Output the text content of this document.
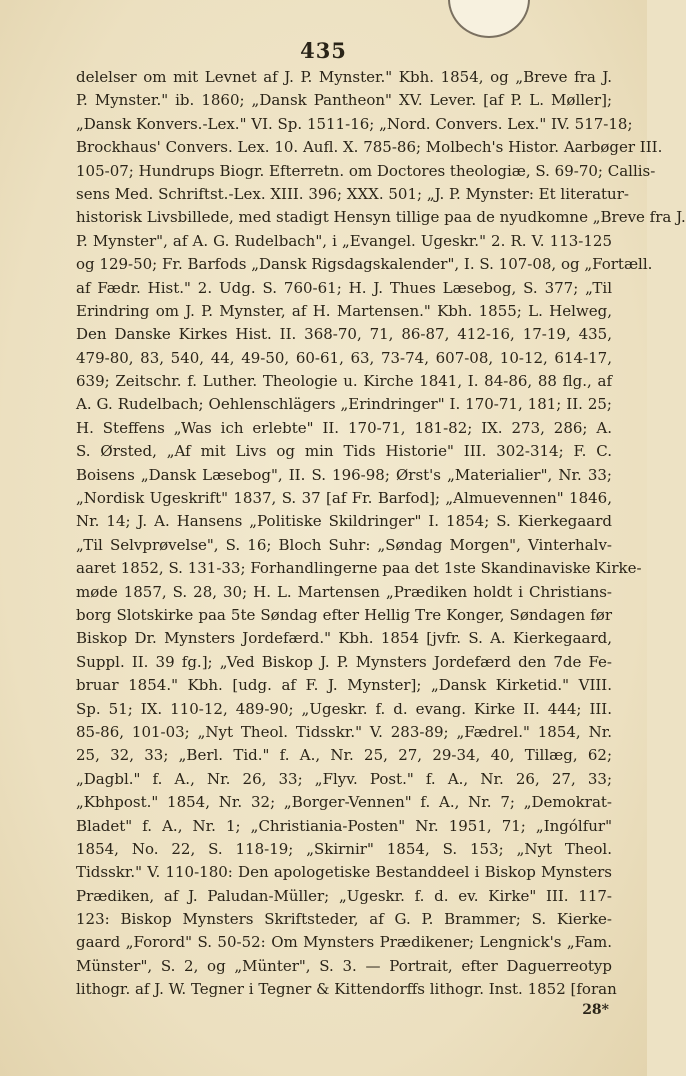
435
delelser om mit Levnet af J. P. Mynster." Kbh. 1854, og „Breve fra J.
P. Mynster." ib. 1860; „Dansk Pantheon" XV. Lever. [af P. L. Møller];
„Dansk Konvers.-Lex." VI. Sp. 1511-16; „Nord. Convers. Lex." IV. 517-18;
Brockhaus' Convers. Lex. 10. Aufl. X. 785-86; Molbech's Histor. Aarbøger III.
105-07; Hundrups Biogr. Efterretn. om Doctores theologiæ, S. 69-70; Callis-
sens Med. Schriftst.-Lex. XIII. 396; XXX. 501; „J. P. Mynster: Et literatur-
historisk Livsbillede, med stadigt Hensyn tillige paa de nyudkomne „Breve fra J.
P. Mynster", af A. G. Rudelbach", i „Evangel. Ugeskr." 2. R. V. 113-125
og 129-50; Fr. Barfods „Dansk Rigsdagskalender", I. S. 107-08, og „Fortæll.
af Fædr. Hist." 2. Udg. S. 760-61; H. J. Thues Læsebog, S. 377; „Til
Erindring om J. P. Mynster, af H. Martensen." Kbh. 1855; L. Helweg,
Den Danske Kirkes Hist. II. 368-70, 71, 86-87, 412-16, 17-19, 435,
479-80, 83, 540, 44, 49-50, 60-61, 63, 73-74, 607-08, 10-12, 614-17,
639; Zeitschr. f. Luther. Theologie u. Kirche 1841, I. 84-86, 88 flg., af
A. G. Rudelbach; Oehlenschlägers „Erindringer" I. 170-71, 181; II. 25;
H. Steffens „Was ich erlebte" II. 170-71, 181-82; IX. 273, 286; A.
S. Ørsted, „Af mit Livs og min Tids Historie" III. 302-314; F. C.
Boisens „Dansk Læsebog", II. S. 196-98; Ørst's „Materialier", Nr. 33;
„Nordisk Ugeskrift" 1837, S. 37 [af Fr. Barfod]; „Almuevennen" 1846,
Nr. 14; J. A. Hansens „Politiske Skildringer" I. 1854; S. Kierkegaard
„Til Selvprøvelse", S. 16; Bloch Suhr: „Søndag Morgen", Vinterhalv-
aaret 1852, S. 131-33; Forhandlingerne paa det 1ste Skandinaviske Kirke-
møde 1857, S. 28, 30; H. L. Martensen „Prædiken holdt i Christians-
borg Slotskirke paa 5te Søndag efter Hellig Tre Konger, Søndagen før
Biskop Dr. Mynsters Jordefærd." Kbh. 1854 [jvfr. S. A. Kierkegaard,
Suppl. II. 39 fg.]; „Ved Biskop J. P. Mynsters Jordefærd den 7de Fe-
bruar 1854." Kbh. [udg. af F. J. Mynster]; „Dansk Kirketid." VIII.
Sp. 51; IX. 110-12, 489-90; „Ugeskr. f. d. evang. Kirke II. 444; III.
85-86, 101-03; „Nyt Theol. Tidsskr." V. 283-89; „Fædrel." 1854, Nr.
25, 32, 33; „Berl. Tid." f. A., Nr. 25, 27, 29-34, 40, Tillæg, 62;
„Dagbl." f. A., Nr. 26, 33; „Flyv. Post." f. A., Nr. 26, 27, 33;
„Kbhpost." 1854, Nr. 32; „Borger-Vennen" f. A., Nr. 7; „Demokrat-
Bladet" f. A., Nr. 1; „Christiania-Posten" Nr. 1951, 71; „Ingólfur"
1854, No. 22, S. 118-19; „Skirnir" 1854, S. 153; „Nyt Theol.
Tidsskr." V. 110-180: Den apologetiske Bestanddeel i Biskop Mynsters
Prædiken, af J. Paludan-Müller; „Ugeskr. f. d. ev. Kirke" III. 117-
123: Biskop Mynsters Skriftsteder, af G. P. Brammer; S. Kierke-
gaard „Forord" S. 50-52: Om Mynsters Prædikener; Lengnick's „Fam.
Münster", S. 2, og „Münter", S. 3. — Portrait, efter Daguerreotyp
lithogr. af J. W. Tegner i Tegner & Kittendorffs lithogr. Inst. 1852 [foran
28*
